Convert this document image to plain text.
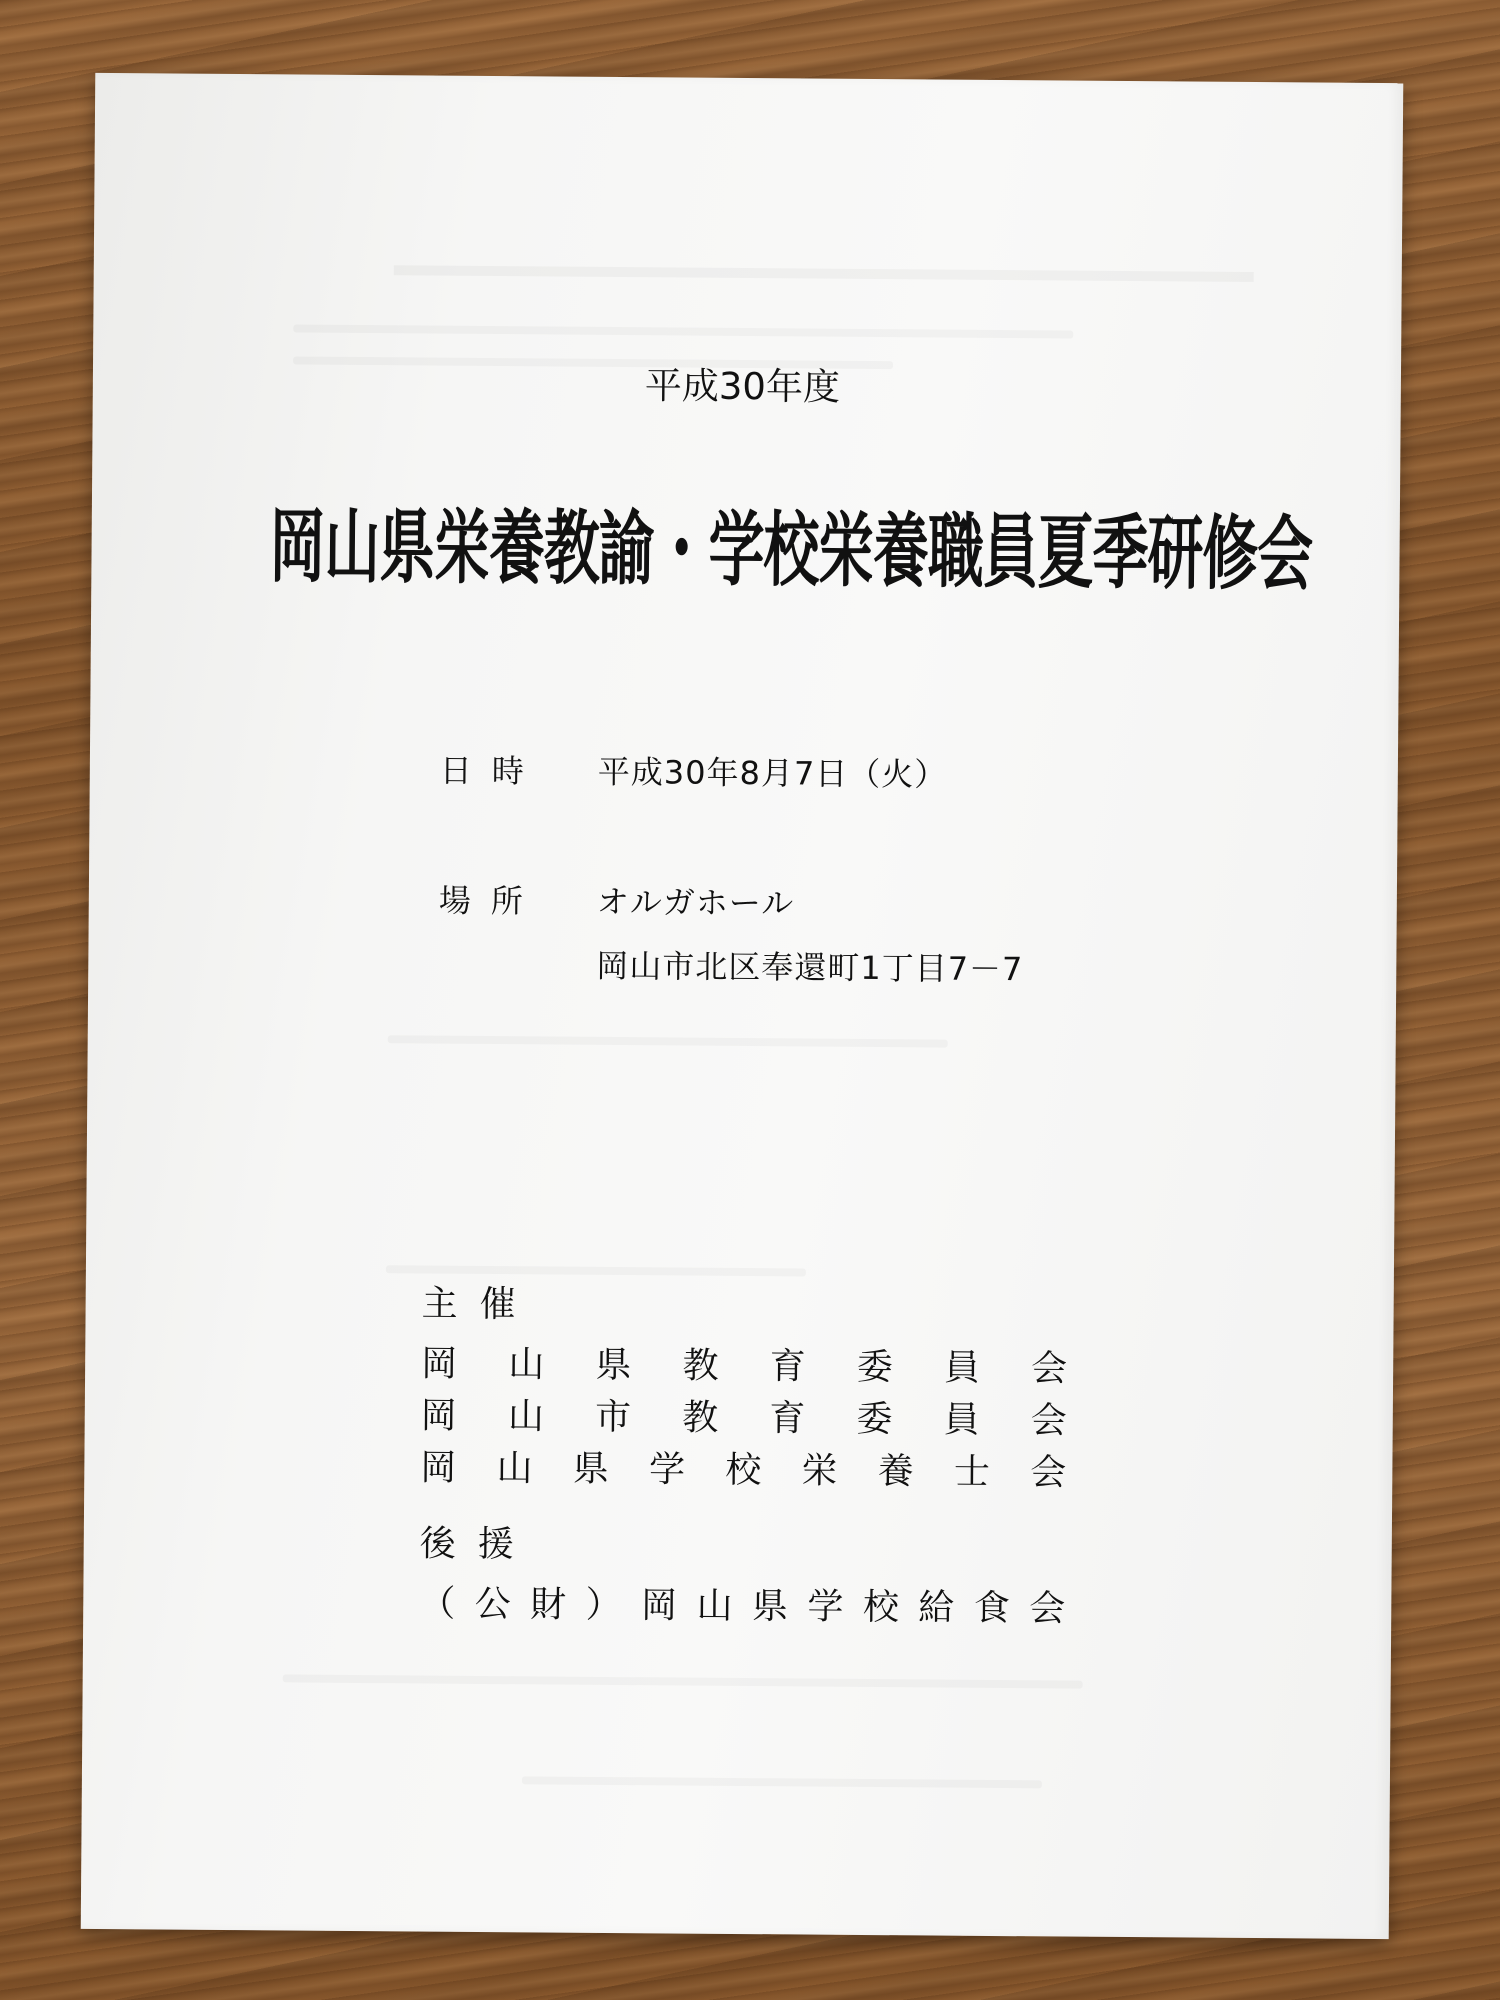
平成30年度
岡山県栄養教諭・学校栄養職員夏季研修会
日時 平成30年8月7日（火）
場所 オルガホール
岡山市北区奉還町1丁目7－7
主催
岡 山 県 教 育 委 員 会
岡 山 市 教 育 委 員 会
岡 山 県 学 校 栄 養 士 会
後援
（ 公 財 ） 岡 山 県 学 校 給 食 会
